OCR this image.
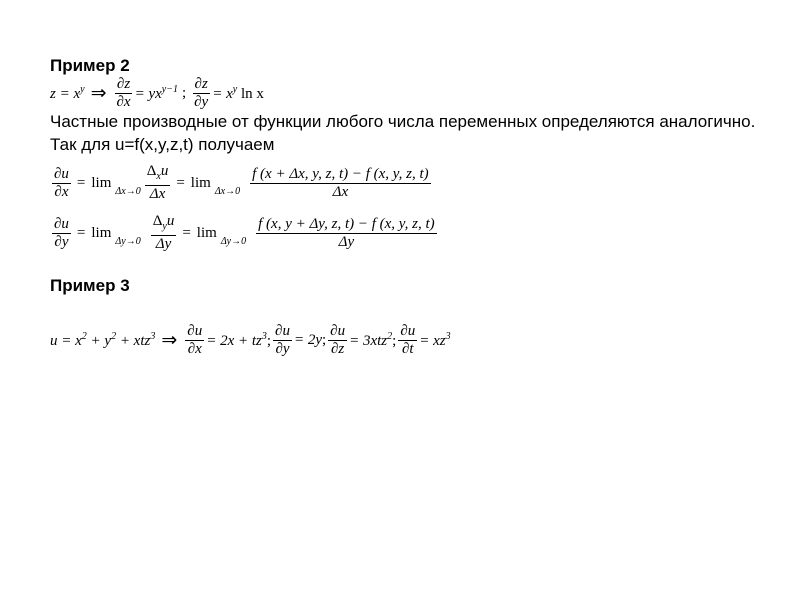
Пример 2
$z = x^y$ ⇒ $\frac{\partial z}{\partial x} = yx^{y-1}$ ; $\frac{\partial z}{\partial y} = x^y$ ln x
Частные производные от функции любого числа переменных определяются аналогично. Так для u=f(x,y,z,t) получаем
$\frac{\partial u}{\partial x} = \lim$
$\Delta x\to 0 \frac{\Delta_xu}{\Delta x} = \lim$
$\Delta x\to 0 \frac{f (x + \Delta x, y, z, t) - f (x, y, z, t)}{\Delta x}$
$\frac{\partial u}{\partial y} = \lim$
$\Delta y\to 0 \frac{\Delta_yu}{\Delta y} = \lim$
$\Delta y\to 0 \frac{f (x, y + \Delta y, z, t) - f (x, y, z, t)}{\Delta y}$
Пример 3
$u = x^2 + y^2 + xtz^3$ ⇒ $\frac{\partial u}{\partial x} = 2x + tz^3$; $\frac{\partial u}{\partial y} = 2y$; $\frac{\partial u}{\partial z} = 3xtz^2$; $\frac{\partial u}{\partial t} = xz^3$
